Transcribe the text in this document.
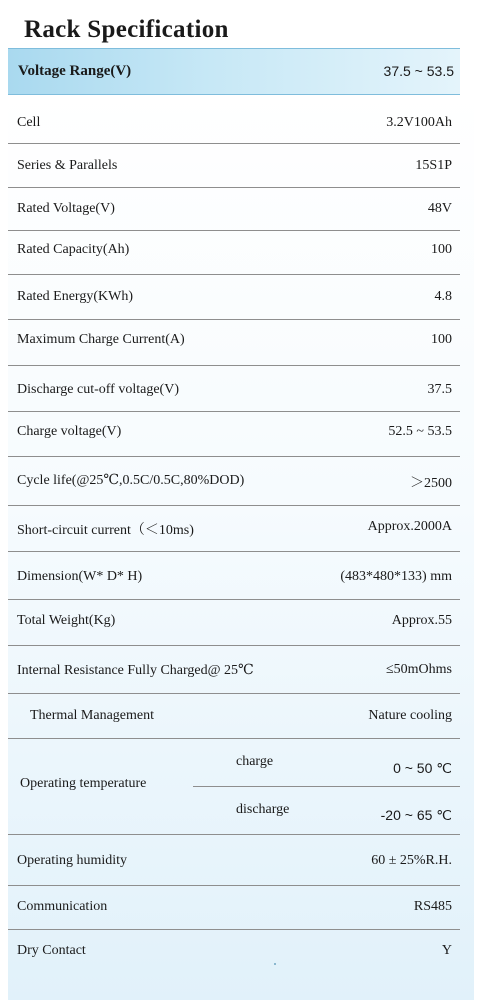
Rack Specification
Voltage Range(V)	37.5 ~ 53.5
Cell	3.2V100Ah
Series & Parallels	15S1P
Rated Voltage(V)	48V
Rated Capacity(Ah)	100
Rated Energy(KWh)	4.8
Maximum Charge Current(A)	100
Discharge cut-off voltage(V)	37.5
Charge voltage(V)	52.5 ~ 53.5
Cycle life(@25℃,0.5C/0.5C,80%DOD)	＞2500
Short-circuit current（＜10ms)	Approx.2000A
Dimension(W* D* H)	(483*480*133) mm
Total Weight(Kg)	Approx.55
Internal Resistance Fully Charged@ 25℃	≤50mOhms
Thermal Management	Nature cooling
Operating temperature
charge	0 ~ 50 ℃
discharge	-20 ~ 65 ℃
Operating humidity	60 ± 25%R.H.
Communication	RS485
Dry Contact	Y
